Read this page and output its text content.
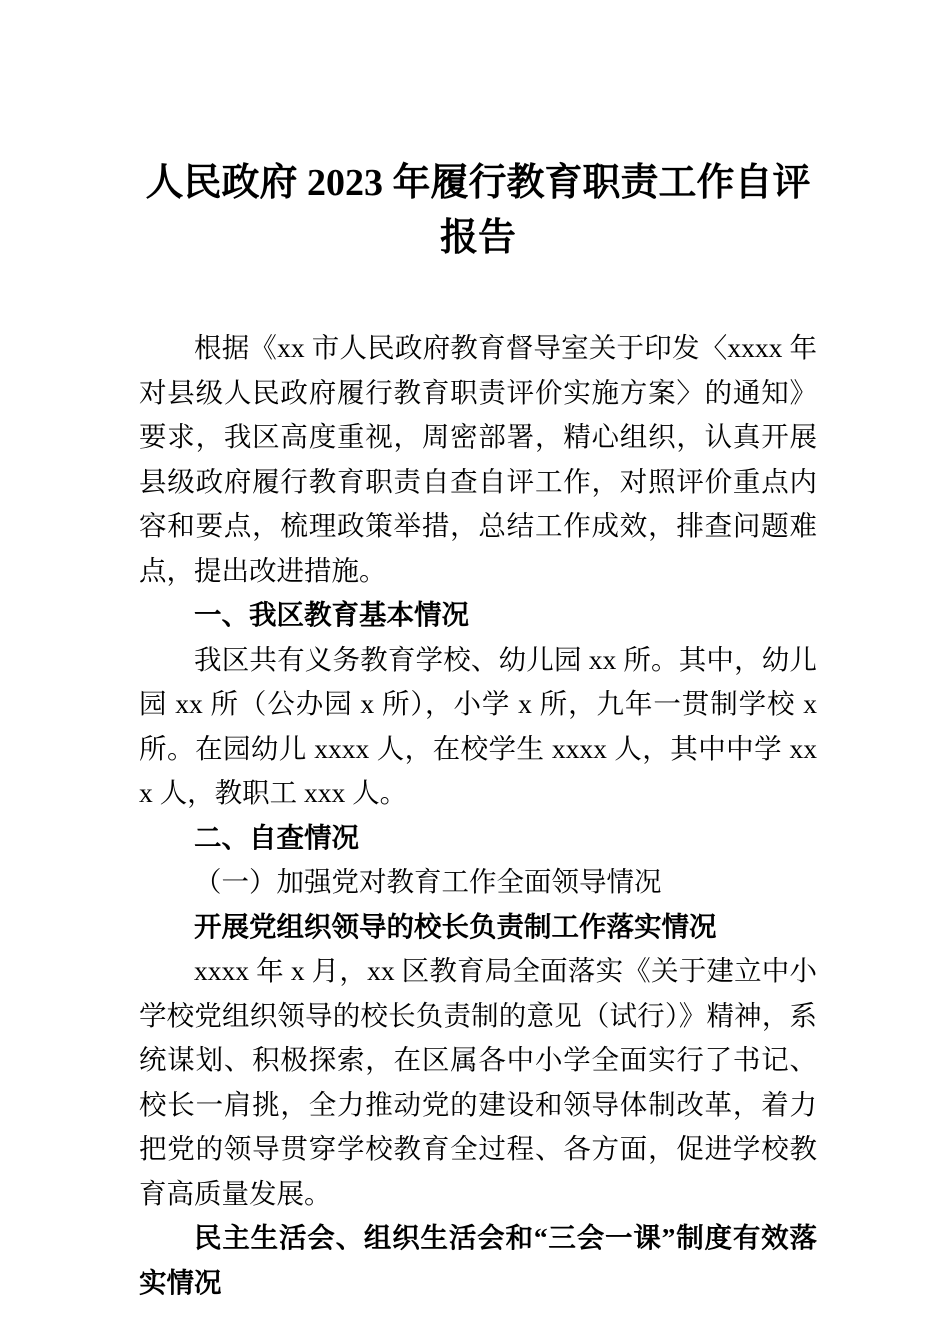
人民政府 2023 年履行教育职责工作自评报告

根据《xx 市人民政府教育督导室关于印发〈xxxx 年对县级人民政府履行教育职责评价实施方案〉的通知》要求，我区高度重视，周密部署，精心组织，认真开展县级政府履行教育职责自查自评工作，对照评价重点内容和要点，梳理政策举措，总结工作成效，排查问题难点，提出改进措施。

一、我区教育基本情况

我区共有义务教育学校、幼儿园 xx 所。其中，幼儿园 xx 所（公办园 x 所），小学 x 所，九年一贯制学校 x 所。在园幼儿 xxxx 人，在校学生 xxxx 人，其中中学 xxx 人，教职工 xxx 人。

二、自查情况

（一）加强党对教育工作全面领导情况

开展党组织领导的校长负责制工作落实情况

xxxx 年 x 月，xx 区教育局全面落实《关于建立中小学校党组织领导的校长负责制的意见（试行）》精神，系统谋划、积极探索，在区属各中小学全面实行了书记、校长一肩挑，全力推动党的建设和领导体制改革，着力把党的领导贯穿学校教育全过程、各方面，促进学校教育高质量发展。

民主生活会、组织生活会和“三会一课”制度有效落实情况
